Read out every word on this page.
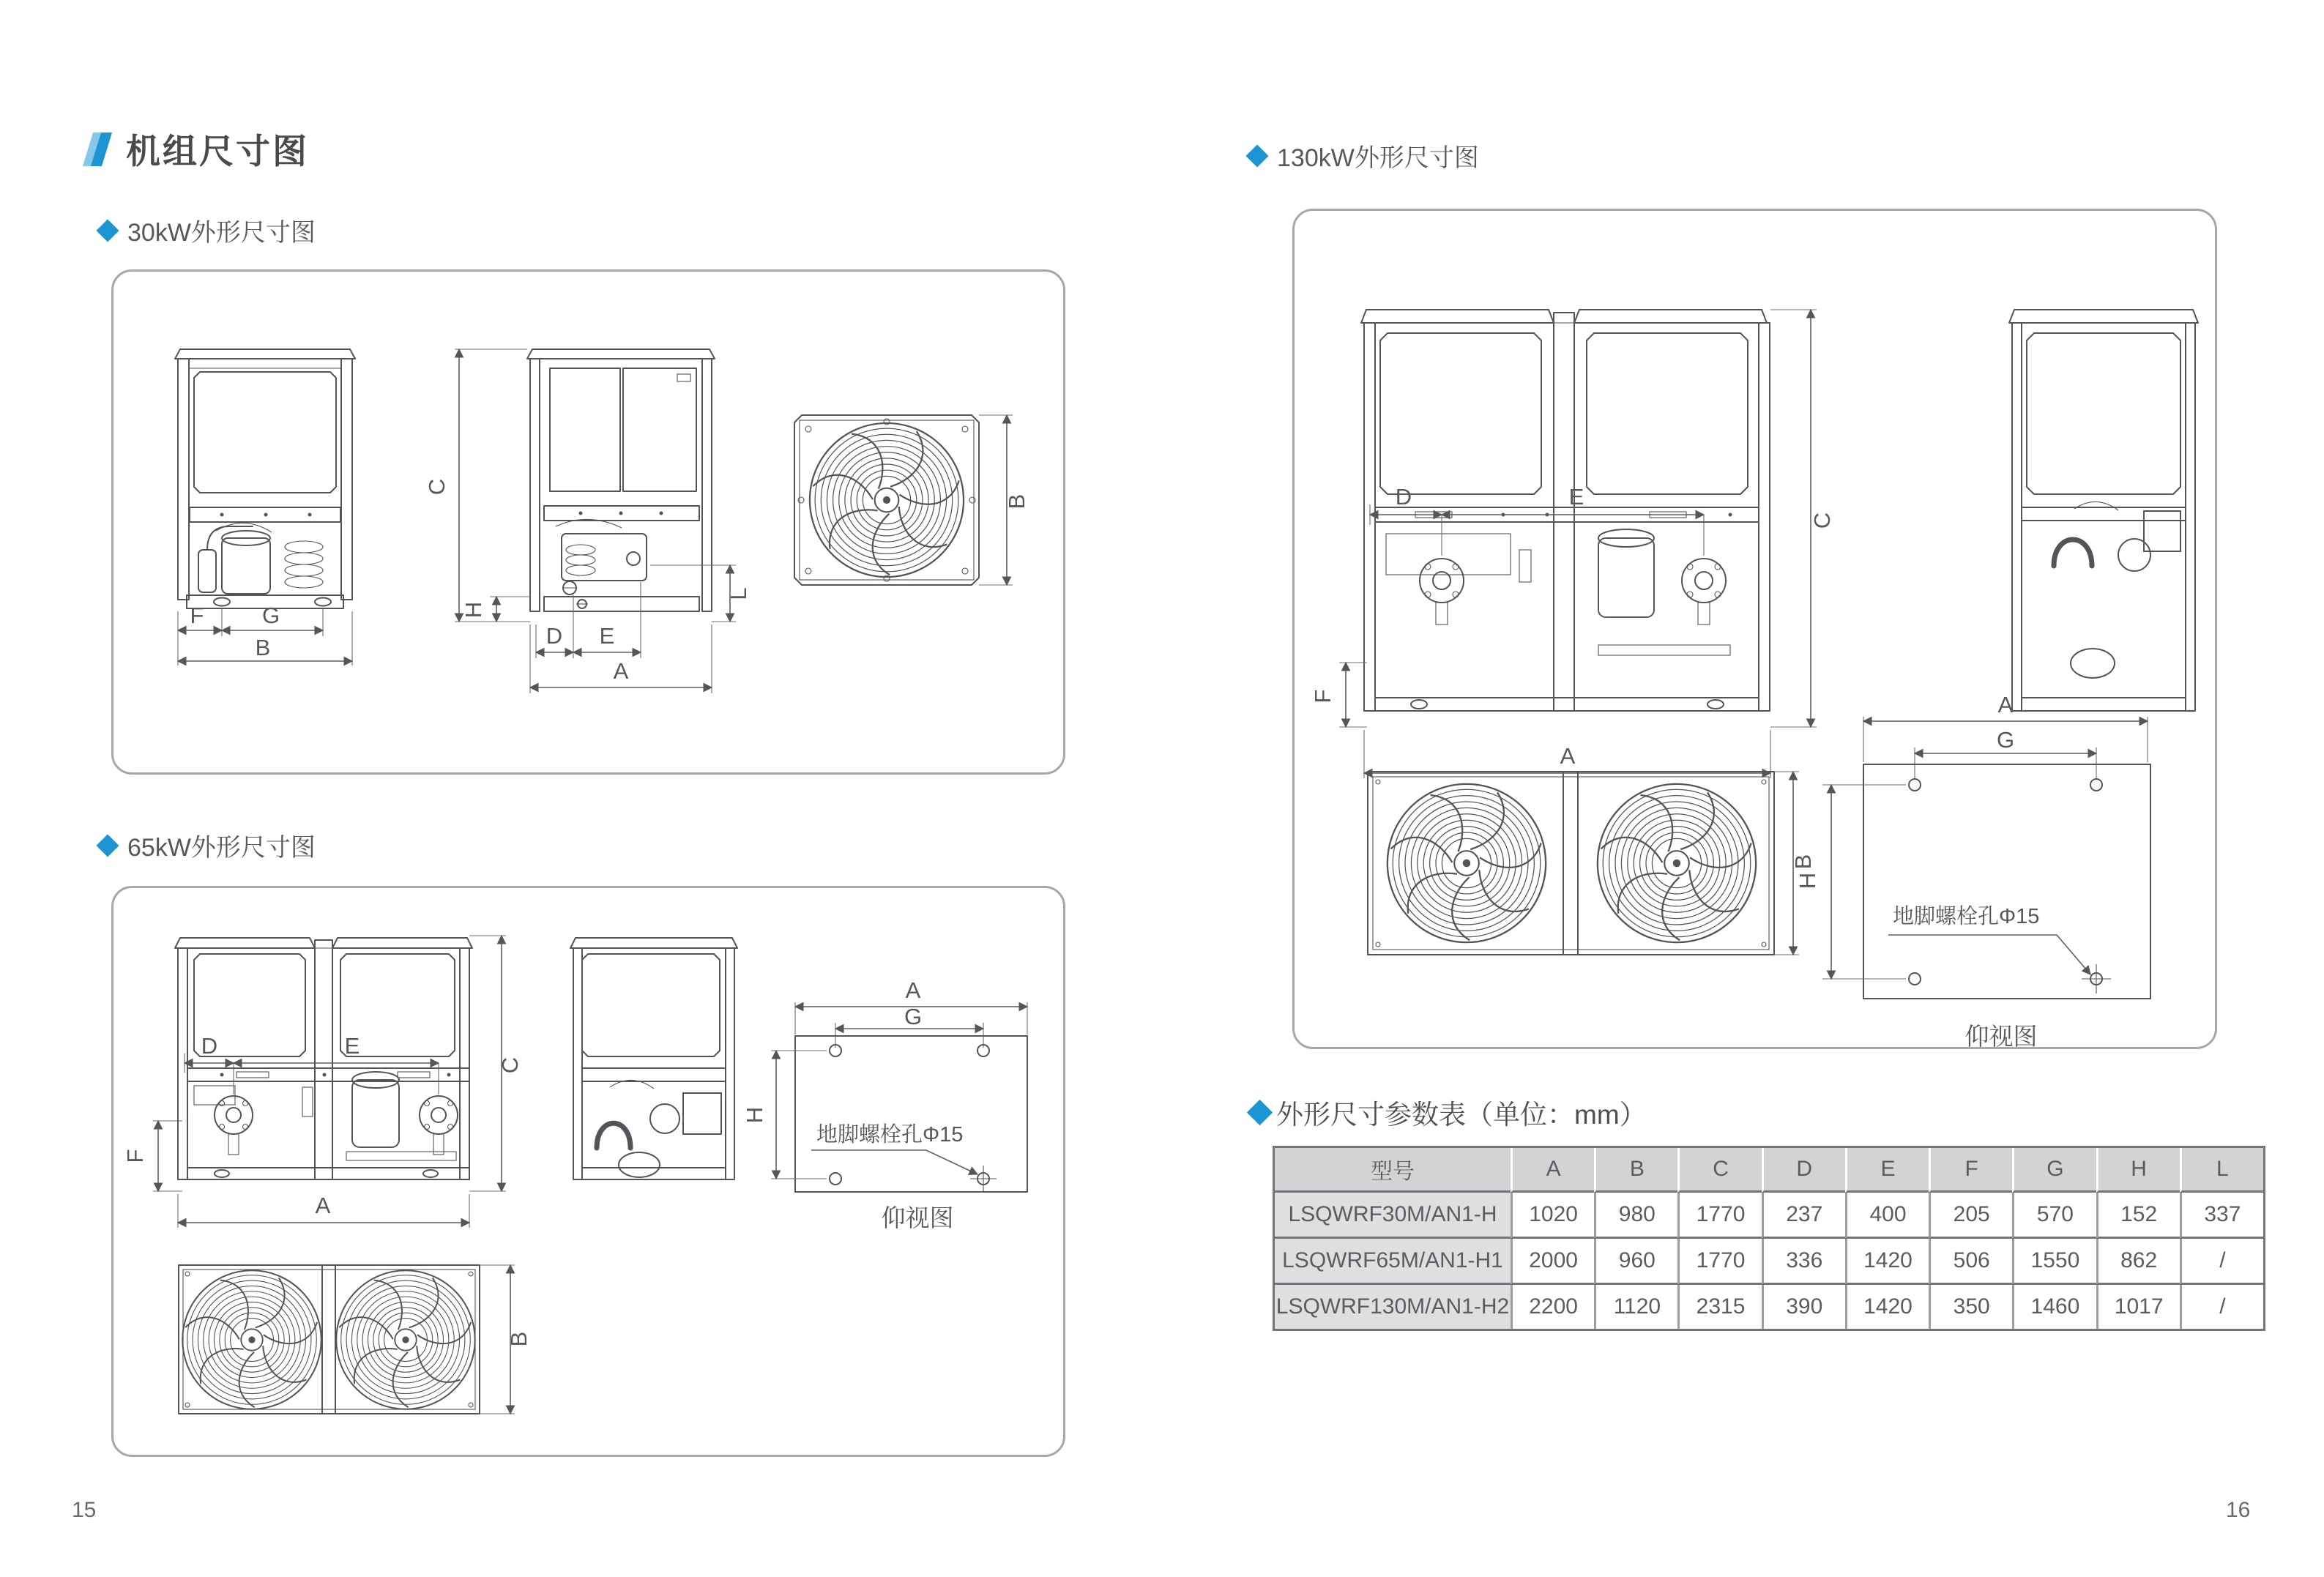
机组尺寸图
30kW外形尺寸图
F	G
B
C
H
L
D E
A
B
65kW外形尺寸图
D	E
C
F
A
A
G
H
地脚螺栓孔Φ15
仰视图
B
15
130kW外形尺寸图
D	E
C
F
A
B
A
G
H
地脚螺栓孔Φ15
仰视图
外形尺寸参数表（单位：mm）
型号	A	B	C	D	E	F	G	H	L
LSQWRF30M/AN1-H	1020	980	1770	237	400	205	570	152	337
LSQWRF65M/AN1-H1	2000	960	1770	336	1420	506	1550	862	/
LSQWRF130M/AN1-H2	2200	1120	2315	390	1420	350	1460	1017	/
16
